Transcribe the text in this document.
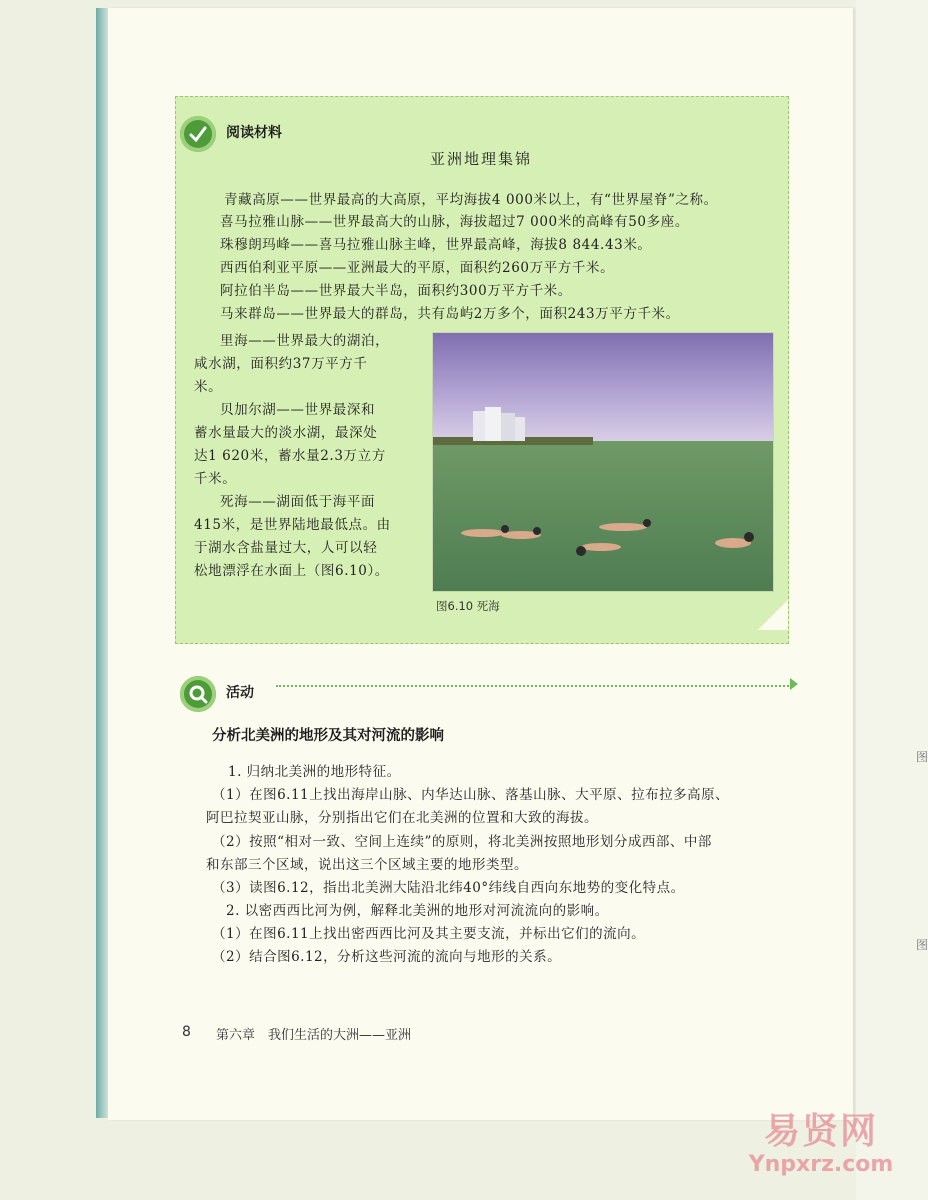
图
图
阅读材料
亚洲地理集锦
青藏高原——世界最高的大高原，平均海拔4 000米以上，有“世界屋脊”之称。
喜马拉雅山脉——世界最高大的山脉，海拔超过7 000米的高峰有50多座。
珠穆朗玛峰——喜马拉雅山脉主峰，世界最高峰，海拔8 844.43米。
西西伯利亚平原——亚洲最大的平原，面积约260万平方千米。
阿拉伯半岛——世界最大半岛，面积约300万平方千米。
马来群岛——世界最大的群岛，共有岛屿2万多个，面积243万平方千米。
里海——世界最大的湖泊，
咸水湖，面积约37万平方千
米。
贝加尔湖——世界最深和
蓄水量最大的淡水湖，最深处
达1 620米，蓄水量2.3万立方
千米。
死海——湖面低于海平面
415米，是世界陆地最低点。由
于湖水含盐量过大，人可以轻
松地漂浮在水面上（图6.10）。
图6.10 死海
活动
分析北美洲的地形及其对河流的影响
1. 归纳北美洲的地形特征。
（1）在图6.11上找出海岸山脉、内华达山脉、落基山脉、大平原、拉布拉多高原、
阿巴拉契亚山脉，分别指出它们在北美洲的位置和大致的海拔。
（2）按照“相对一致、空间上连续”的原则，将北美洲按照地形划分成西部、中部
和东部三个区域，说出这三个区域主要的地形类型。
（3）读图6.12，指出北美洲大陆沿北纬40°纬线自西向东地势的变化特点。
2. 以密西西比河为例，解释北美洲的地形对河流流向的影响。
（1）在图6.11上找出密西西比河及其主要支流，并标出它们的流向。
（2）结合图6.12，分析这些河流的流向与地形的关系。
8 第六章　我们生活的大洲——亚洲
易贤网
Ynpxrz.com
